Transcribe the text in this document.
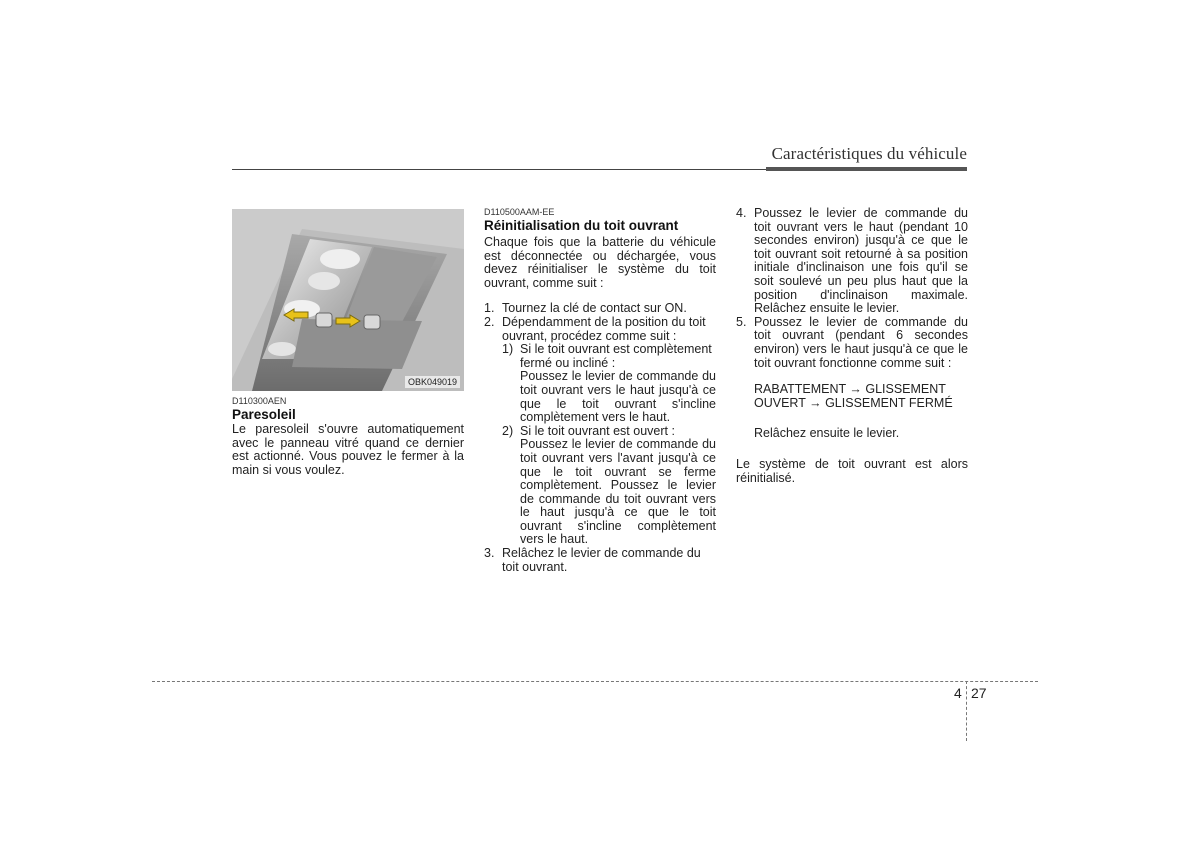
Caractéristiques du véhicule
OBK049019
D110300AEN
Paresoleil

Le paresoleil s'ouvre automatiquement avec le panneau vitré quand ce dernier est actionné. Vous pouvez le fermer à la main si vous voulez.

D110500AAM-EE
Réinitialisation du toit ouvrant

Chaque fois que la batterie du véhicule est déconnectée ou déchargée, vous devez réinitialiser le système du toit ouvrant, comme suit :

1. Tournez la clé de contact sur ON.
2. Dépendamment de la position du toit ouvrant, procédez comme suit :
1) Si le toit ouvrant est complètement fermé ou incliné :

Poussez le levier de commande du toit ouvrant vers le haut jusqu'à ce que le toit ouvrant s'incline complètement vers le haut.

2) Si le toit ouvrant est ouvert :

Poussez le levier de commande du toit ouvrant vers l'avant jusqu'à ce que le toit ouvrant se ferme complètement. Poussez le levier de commande du toit ouvrant vers le haut jusqu'à ce que le toit ouvrant s'incline complètement vers le haut.

3. Relâchez le levier de commande du toit ouvrant.
4. Poussez le levier de commande du toit ouvrant vers le haut (pendant 10 secondes environ) jusqu'à ce que le toit ouvrant soit retourné à sa position initiale d'inclinaison une fois qu'il se soit soulevé un peu plus haut que la position d'inclinaison maximale. Relâchez ensuite le levier.
5. Poussez le levier de commande du toit ouvrant (pendant 6 secondes environ) vers le haut jusqu'à ce que le toit ouvrant fonctionne comme suit :
RABATTEMENT → GLISSEMENT
OUVERT → GLISSEMENT FERMÉ
Relâchez ensuite le levier.

Le système de toit ouvrant est alors réinitialisé.

4 27
